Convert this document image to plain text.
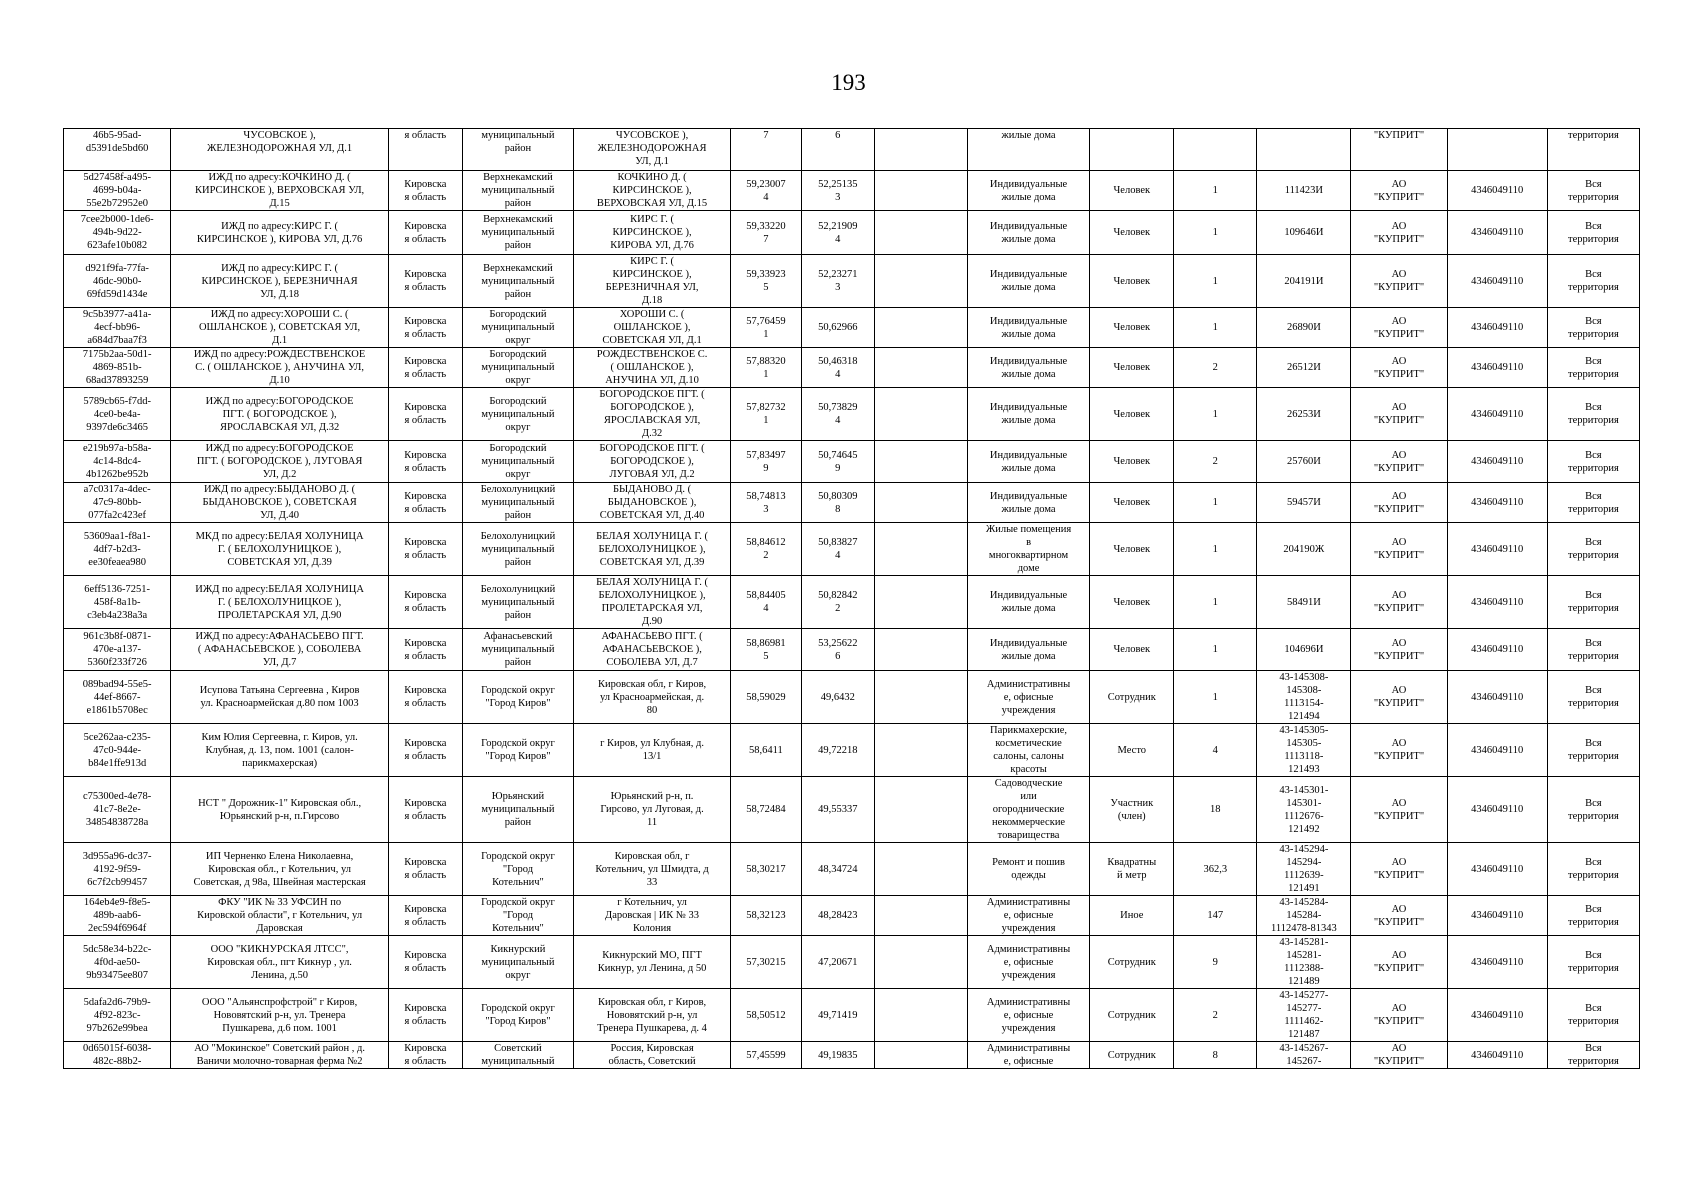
193
46b5-95ad-
d5391de5bd60	ЧУСОВСКОЕ ),
ЖЕЛЕЗНОДОРОЖНАЯ УЛ, Д.1	я область	муниципальный
район	ЧУСОВСКОЕ ),
ЖЕЛЕЗНОДОРОЖНАЯ
УЛ, Д.1	7	6		жилые дома				"КУПРИТ"		территория
5d27458f-a495-
4699-b04a-
55e2b72952e0	ИЖД по адресу:КОЧКИНО Д. (
КИРСИНСКОЕ ), ВЕРХОВСКАЯ УЛ,
Д.15	Кировска
я область	Верхнекамский
муниципальный
район	КОЧКИНО Д. (
КИРСИНСКОЕ ),
ВЕРХОВСКАЯ УЛ, Д.15	59,23007
4	52,25135
3		Индивидуальные
жилые дома	Человек	1	111423И	АО
"КУПРИТ"	4346049110	Вся
территория
7cee2b000-1de6-
494b-9d22-
623afe10b082	ИЖД по адресу:КИРС Г. (
КИРСИНСКОЕ ), КИРОВА УЛ, Д.76	Кировска
я область	Верхнекамский
муниципальный
район	КИРС Г. (
КИРСИНСКОЕ ),
КИРОВА УЛ, Д.76	59,33220
7	52,21909
4		Индивидуальные
жилые дома	Человек	1	109646И	АО
"КУПРИТ"	4346049110	Вся
территория
d921f9fa-77fa-
46dc-90b0-
69fd59d1434e	ИЖД по адресу:КИРС Г. (
КИРСИНСКОЕ ), БЕРЕЗНИЧНАЯ
УЛ, Д.18	Кировска
я область	Верхнекамский
муниципальный
район	КИРС Г. (
КИРСИНСКОЕ ),
БЕРЕЗНИЧНАЯ УЛ,
Д.18	59,33923
5	52,23271
3		Индивидуальные
жилые дома	Человек	1	204191И	АО
"КУПРИТ"	4346049110	Вся
территория
9c5b3977-a41a-
4ecf-bb96-
a684d7baa7f3	ИЖД по адресу:ХОРОШИ С. (
ОШЛАНСКОЕ ), СОВЕТСКАЯ УЛ,
Д.1	Кировска
я область	Богородский
муниципальный
округ	ХОРОШИ С. (
ОШЛАНСКОЕ ),
СОВЕТСКАЯ УЛ, Д.1	57,76459
1	50,62966		Индивидуальные
жилые дома	Человек	1	26890И	АО
"КУПРИТ"	4346049110	Вся
территория
7175b2aa-50d1-
4869-851b-
68ad37893259	ИЖД по адресу:РОЖДЕСТВЕНСКОЕ
С. ( ОШЛАНСКОЕ ), АНУЧИНА УЛ,
Д.10	Кировска
я область	Богородский
муниципальный
округ	РОЖДЕСТВЕНСКОЕ С.
( ОШЛАНСКОЕ ),
АНУЧИНА УЛ, Д.10	57,88320
1	50,46318
4		Индивидуальные
жилые дома	Человек	2	26512И	АО
"КУПРИТ"	4346049110	Вся
территория
5789cb65-f7dd-
4ce0-be4a-
9397de6c3465	ИЖД по адресу:БОГОРОДСКОЕ
ПГТ. ( БОГОРОДСКОЕ ),
ЯРОСЛАВСКАЯ УЛ, Д.32	Кировска
я область	Богородский
муниципальный
округ	БОГОРОДСКОЕ ПГТ. (
БОГОРОДСКОЕ ),
ЯРОСЛАВСКАЯ УЛ,
Д.32	57,82732
1	50,73829
4		Индивидуальные
жилые дома	Человек	1	26253И	АО
"КУПРИТ"	4346049110	Вся
территория
e219b97a-b58a-
4c14-8dc4-
4b1262be952b	ИЖД по адресу:БОГОРОДСКОЕ
ПГТ. ( БОГОРОДСКОЕ ), ЛУГОВАЯ
УЛ, Д.2	Кировска
я область	Богородский
муниципальный
округ	БОГОРОДСКОЕ ПГТ. (
БОГОРОДСКОЕ ),
ЛУГОВАЯ УЛ, Д.2	57,83497
9	50,74645
9		Индивидуальные
жилые дома	Человек	2	25760И	АО
"КУПРИТ"	4346049110	Вся
территория
a7c0317a-4dec-
47c9-80bb-
077fa2c423ef	ИЖД по адресу:БЫДАНОВО Д. (
БЫДАНОВСКОЕ ), СОВЕТСКАЯ
УЛ, Д.40	Кировска
я область	Белохолуницкий
муниципальный
район	БЫДАНОВО Д. (
БЫДАНОВСКОЕ ),
СОВЕТСКАЯ УЛ, Д.40	58,74813
3	50,80309
8		Индивидуальные
жилые дома	Человек	1	59457И	АО
"КУПРИТ"	4346049110	Вся
территория
53609aa1-f8a1-
4df7-b2d3-
ee30feaea980	МКД по адресу:БЕЛАЯ ХОЛУНИЦА
Г. ( БЕЛОХОЛУНИЦКОЕ ),
СОВЕТСКАЯ УЛ, Д.39	Кировска
я область	Белохолуницкий
муниципальный
район	БЕЛАЯ ХОЛУНИЦА Г. (
БЕЛОХОЛУНИЦКОЕ ),
СОВЕТСКАЯ УЛ, Д.39	58,84612
2	50,83827
4		Жилые помещения
в
многоквартирном
доме	Человек	1	204190Ж	АО
"КУПРИТ"	4346049110	Вся
территория
6eff5136-7251-
458f-8a1b-
c3eb4a238a3a	ИЖД по адресу:БЕЛАЯ ХОЛУНИЦА
Г. ( БЕЛОХОЛУНИЦКОЕ ),
ПРОЛЕТАРСКАЯ УЛ, Д.90	Кировска
я область	Белохолуницкий
муниципальный
район	БЕЛАЯ ХОЛУНИЦА Г. (
БЕЛОХОЛУНИЦКОЕ ),
ПРОЛЕТАРСКАЯ УЛ,
Д.90	58,84405
4	50,82842
2		Индивидуальные
жилые дома	Человек	1	58491И	АО
"КУПРИТ"	4346049110	Вся
территория
961c3b8f-0871-
470e-a137-
5360f233f726	ИЖД по адресу:АФАНАСЬЕВО ПГТ.
( АФАНАСЬЕВСКОЕ ), СОБОЛЕВА
УЛ, Д.7	Кировска
я область	Афанасьевский
муниципальный
район	АФАНАСЬЕВО ПГТ. (
АФАНАСЬЕВСКОЕ ),
СОБОЛЕВА УЛ, Д.7	58,86981
5	53,25622
6		Индивидуальные
жилые дома	Человек	1	104696И	АО
"КУПРИТ"	4346049110	Вся
территория
089bad94-55e5-
44ef-8667-
e1861b5708ec	Исупова Татьяна Сергеевна , Киров
ул. Красноармейская д.80 пом 1003	Кировска
я область	Городской округ
"Город Киров"	Кировская обл, г Киров,
ул Красноармейская, д.
80	58,59029	49,6432		Административны
е, офисные
учреждения	Сотрудник	1	43-145308-
145308-
1113154-
121494	АО
"КУПРИТ"	4346049110	Вся
территория
5ce262aa-c235-
47c0-944e-
b84e1ffe913d	Ким Юлия Сергеевна, г. Киров, ул.
Клубная, д. 13, пом. 1001 (салон-
парикмахерская)	Кировска
я область	Городской округ
"Город Киров"	г Киров, ул Клубная, д.
13/1	58,6411	49,72218		Парикмахерские,
косметические
салоны, салоны
красоты	Место	4	43-145305-
145305-
1113118-
121493	АО
"КУПРИТ"	4346049110	Вся
территория
c75300ed-4e78-
41c7-8e2e-
34854838728a	НСТ " Дорожник-1" Кировская обл.,
Юрьянский р-н, п.Гирсово	Кировска
я область	Юрьянский
муниципальный
район	Юрьянский р-н, п.
Гирсово, ул Луговая, д.
11	58,72484	49,55337		Садоводческие
или
огороднические
некоммерческие
товарищества	Участник
(член)	18	43-145301-
145301-
1112676-
121492	АО
"КУПРИТ"	4346049110	Вся
территория
3d955a96-dc37-
4192-9f59-
6c7f2cb99457	ИП Черненко Елена Николаевна,
Кировская обл., г Котельнич, ул
Советская, д 98а, Швейная мастерская	Кировска
я область	Городской округ
"Город
Котельнич"	Кировская обл, г
Котельнич, ул Шмидта, д
33	58,30217	48,34724		Ремонт и пошив
одежды	Квадратны
й метр	362,3	43-145294-
145294-
1112639-
121491	АО
"КУПРИТ"	4346049110	Вся
территория
164eb4e9-f8e5-
489b-aab6-
2ec594f6964f	ФКУ "ИК № 33 УФСИН по
Кировской области", г Котельнич, ул
Даровская	Кировска
я область	Городской округ
"Город
Котельнич"	г Котельнич, ул
Даровская | ИК № 33
Колония	58,32123	48,28423		Административны
е, офисные
учреждения	Иное	147	43-145284-
145284-
1112478-81343	АО
"КУПРИТ"	4346049110	Вся
территория
5dc58e34-b22c-
4f0d-ae50-
9b93475ee807	ООО "КИКНУРСКАЯ ЛТСС",
Кировская обл., пгт Кикнур , ул.
Ленина, д.50	Кировска
я область	Кикнурский
муниципальный
округ	Кикнурский МО, ПГТ
Кикнур, ул Ленина, д 50	57,30215	47,20671		Административны
е, офисные
учреждения	Сотрудник	9	43-145281-
145281-
1112388-
121489	АО
"КУПРИТ"	4346049110	Вся
территория
5dafa2d6-79b9-
4f92-823c-
97b262e99bea	ООО "Альянспрофстрой" г Киров,
Нововятский р-н, ул. Тренера
Пушкарева, д.6 пом. 1001	Кировска
я область	Городской округ
"Город Киров"	Кировская обл, г Киров,
Нововятский р-н, ул
Тренера Пушкарева, д. 4	58,50512	49,71419		Административны
е, офисные
учреждения	Сотрудник	2	43-145277-
145277-
1111462-
121487	АО
"КУПРИТ"	4346049110	Вся
территория
0d65015f-6038-
482c-88b2-	АО "Мокинское" Советский район , д.
Ваничи молочно-товарная ферма №2	Кировска
я область	Советский
муниципальный	Россия, Кировская
область, Советский	57,45599	49,19835		Административны
е, офисные	Сотрудник	8	43-145267-
145267-	АО
"КУПРИТ"	4346049110	Вся
территория
